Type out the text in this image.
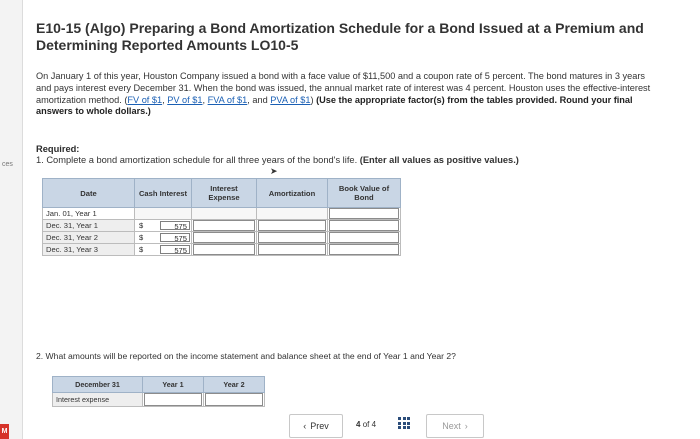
ces
M
E10-15 (Algo) Preparing a Bond Amortization Schedule for a Bond Issued at a Premium and Determining Reported Amounts LO10-5
On January 1 of this year, Houston Company issued a bond with a face value of $11,500 and a coupon rate of 5 percent. The bond matures in 3 years and pays interest every December 31. When the bond was issued, the annual market rate of interest was 4 percent. Houston uses the effective-interest amortization method. (FV of $1, PV of $1, FVA of $1, and PVA of $1) (Use the appropriate factor(s) from the tables provided. Round your final answers to whole dollars.)
Required:
1. Complete a bond amortization schedule for all three years of the bond's life. (Enter all values as positive values.)
➤
Date	Cash Interest	Interest Expense	Amortization	Book Value of Bond
Jan. 01, Year 1				

Dec. 31, Year 1	$ 575			

Dec. 31, Year 2	$ 575			

Dec. 31, Year 3	$ 575			

2. What amounts will be reported on the income statement and balance sheet at the end of Year 1 and Year 2?
December 31	Year 1	Year 2
Interest expense	

‹ Prev	4 of 4	Next ›
